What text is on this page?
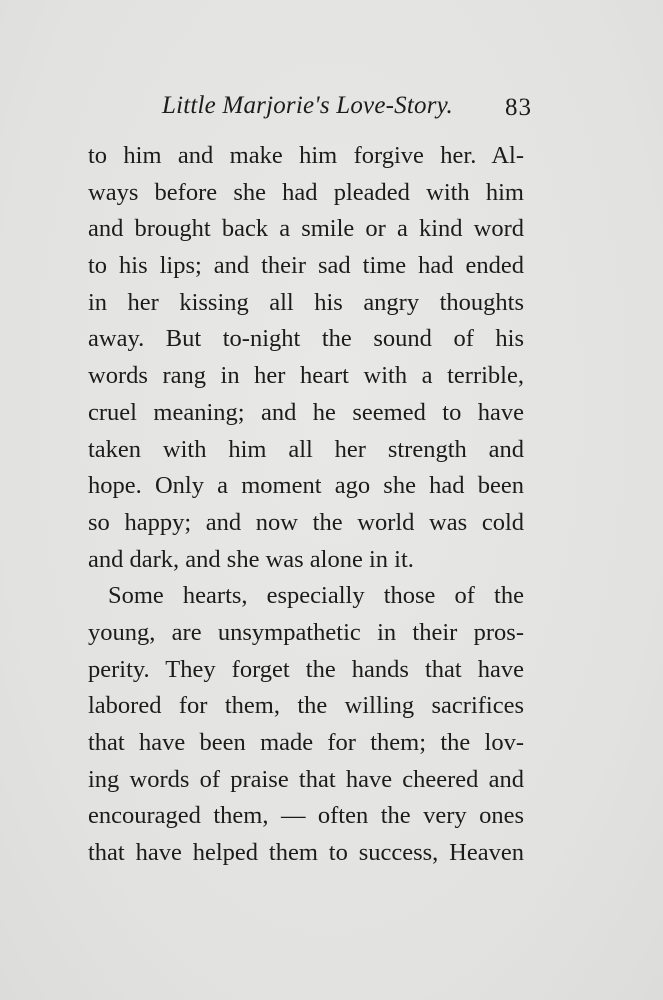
Little Marjorie's Love-Story. 83
to him and make him forgive her. Al-
ways before she had pleaded with him
and brought back a smile or a kind word
to his lips; and their sad time had ended
in her kissing all his angry thoughts
away. But to-night the sound of his
words rang in her heart with a terrible,
cruel meaning; and he seemed to have
taken with him all her strength and
hope. Only a moment ago she had been
so happy; and now the world was cold
and dark, and she was alone in it.
Some hearts, especially those of the
young, are unsympathetic in their pros-
perity. They forget the hands that have
labored for them, the willing sacrifices
that have been made for them; the lov-
ing words of praise that have cheered and
encouraged them, — often the very ones
that have helped them to success, Heaven
